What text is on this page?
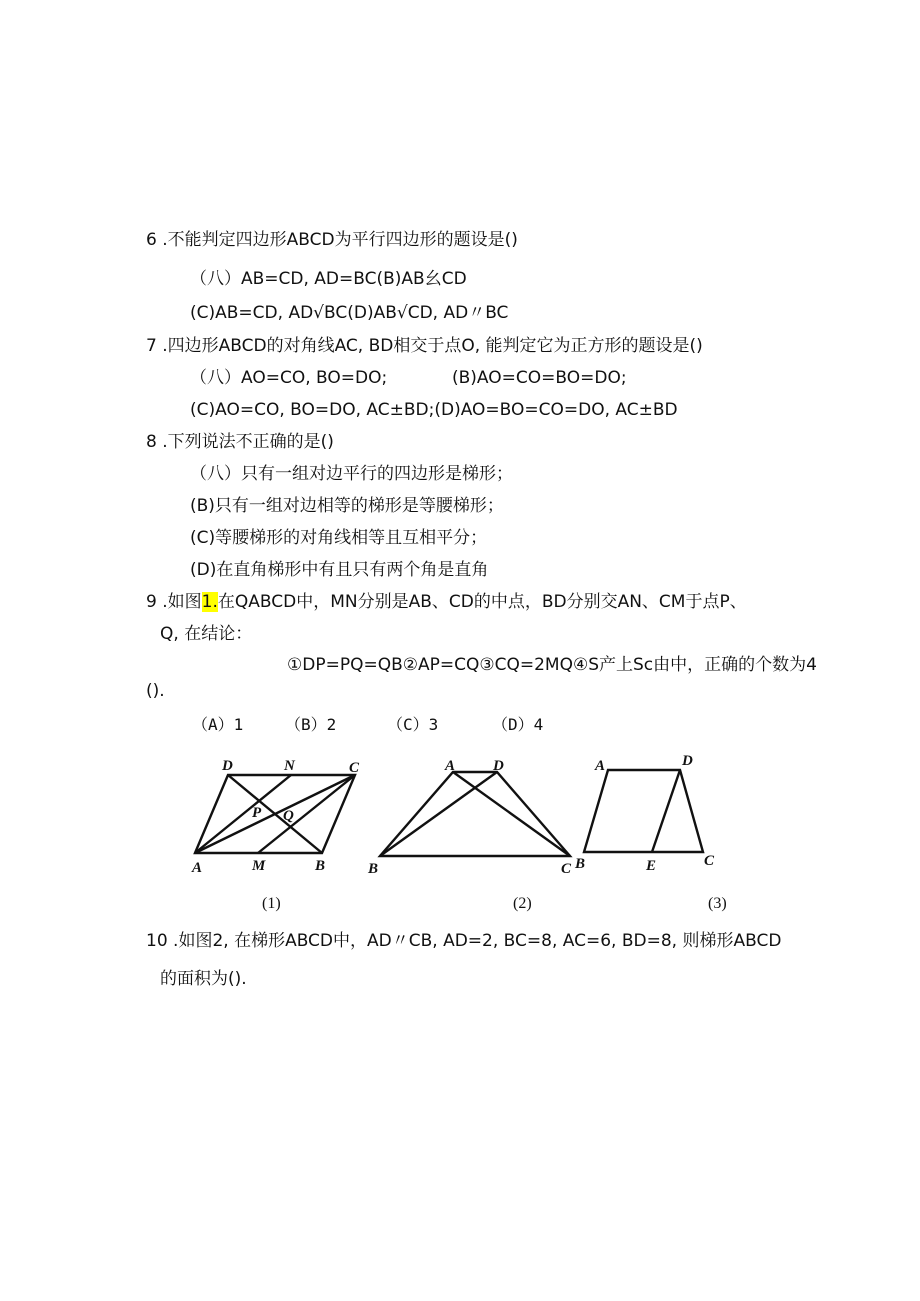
6 .不能判定四边形ABCD为平行四边形的题设是()
（八）AB=CD, AD=BC(B)AB幺CD
(C)AB=CD, AD√BC(D)AB√CD, AD〃BC
7 .四边形ABCD的对角线AC, BD相交于点O, 能判定它为正方形的题设是()
（八）AO=CO, BO=DO;	(B)AO=CO=BO=DO;
(C)AO=CO, BO=DO, AC±BD;(D)AO=BO=CO=DO, AC±BD
8 .下列说法不正确的是()
（八）只有一组对边平行的四边形是梯形；
(B)只有一组对边相等的梯形是等腰梯形；
(C)等腰梯形的对角线相等且互相平分；
(D)在直角梯形中有且只有两个角是直角
9 .如图1.在QABCD中，MN分别是AB、CD的中点，BD分别交AN、CM于点P、
Q, 在结论：
①DP=PQ=QB②AP=CQ③CQ=2MQ④S产上Sc由中，正确的个数为4
().
（A）1	（B）2	（C）3	（D）4
D	N	C
P Q
A	M	B
(1)
A	D
B	C
(2)
A	D
B	E	C
(3)
10 .如图2, 在梯形ABCD中，AD〃CB, AD=2, BC=8, AC=6, BD=8, 则梯形ABCD
的面积为().
